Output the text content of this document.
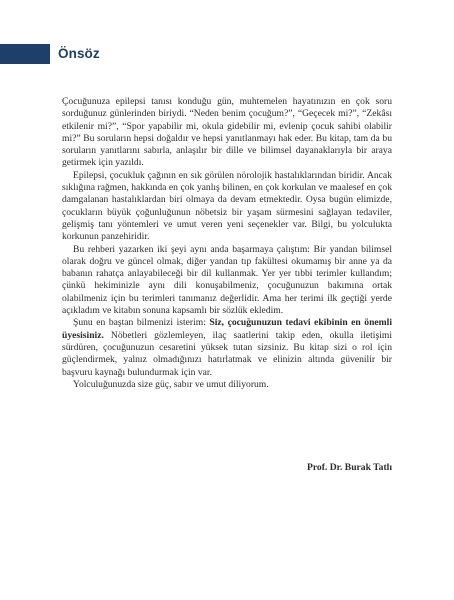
Önsöz

Çocuğunuza epilepsi tanısı konduğu gün, muhtemelen hayatınızın en çok soru sorduğunuz günlerinden biriydi. “Neden benim çocuğum?”, “Geçecek mi?”, “Zekâsı etkilenir mi?”, “Spor yapabilir mi, okula gidebilir mi, evlenip çocuk sahibi olabilir mi?” Bu soruların hepsi doğaldır ve hepsi yanıtlanmayı hak eder. Bu kitap, tam da bu soruların yanıtlarını sabırla, anlaşılır bir dille ve bilimsel dayanaklarıyla bir araya getirmek için yazıldı.

Epilepsi, çocukluk çağının en sık görülen nörolojik hastalıklarından biridir. Ancak sıklığına rağmen, hakkında en çok yanlış bilinen, en çok korkulan ve maalesef en çok damgalanan hastalıklardan biri olmaya da devam etmektedir. Oysa bugün elimizde, çocukların büyük çoğunluğunun nöbetsiz bir yaşam sürmesini sağlayan tedaviler, gelişmiş tanı yöntemleri ve umut veren yeni seçenekler var. Bilgi, bu yolculukta korkunun panzehiridir.

Bu rehberi yazarken iki şeyi aynı anda başarmaya çalıştım: Bir yandan bilimsel olarak doğru ve güncel olmak, diğer yandan tıp fakültesi okumamış bir anne ya da babanın rahatça anlayabileceği bir dil kullanmak. Yer yer tıbbi terimler kullandım; çünkü hekiminizle aynı dili konuşabilmeniz, çocuğunuzun bakımına ortak olabilmeniz için bu terimleri tanımanız değerlidir. Ama her terimi ilk geçtiği yerde açıkladım ve kitabın sonuna kapsamlı bir sözlük ekledim.

Şunu en baştan bilmenizi isterim: Siz, çocuğunuzun tedavi ekibinin en önemli üyesisiniz. Nöbetleri gözlemleyen, ilaç saatlerini takip eden, okulla iletişimi sürdüren, çocuğunuzun cesaretini yüksek tutan sizsiniz. Bu kitap sizi o rol için güçlendirmek, yalnız olmadığınızı hatırlatmak ve elinizin altında güvenilir bir başvuru kaynağı bulundurmak için var.

Yolculuğunuzda size güç, sabır ve umut diliyorum.

Prof. Dr. Burak Tatlı
